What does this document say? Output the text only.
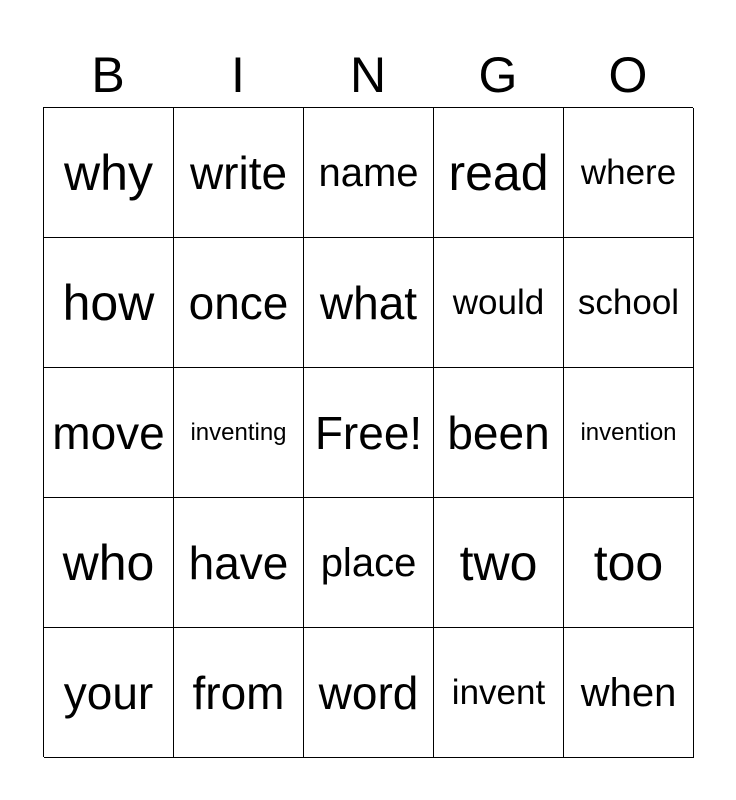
B	I	N	G	O
why write name read where
how once what	would school
move	inventing Free! been	invention
who have place two	too
your from word invent when
